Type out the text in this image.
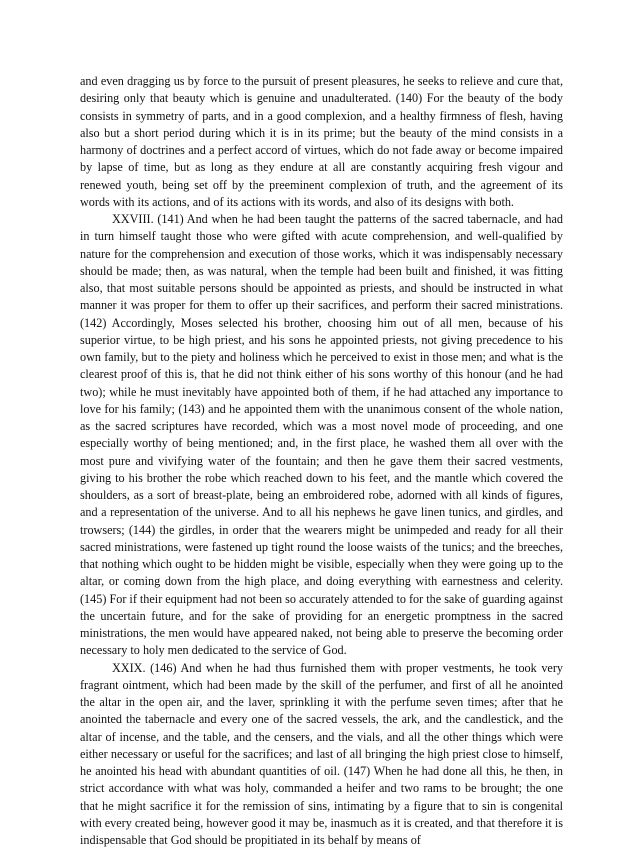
and even dragging us by force to the pursuit of present pleasures, he seeks to relieve and cure that, desiring only that beauty which is genuine and unadulterated. (140) For the beauty of the body consists in symmetry of parts, and in a good complexion, and a healthy firmness of flesh, having also but a short period during which it is in its prime; but the beauty of the mind consists in a harmony of doctrines and a perfect accord of virtues, which do not fade away or become impaired by lapse of time, but as long as they endure at all are constantly acquiring fresh vigour and renewed youth, being set off by the preeminent complexion of truth, and the agreement of its words with its actions, and of its actions with its words, and also of its designs with both.

XXVIII. (141) And when he had been taught the patterns of the sacred tabernacle, and had in turn himself taught those who were gifted with acute comprehension, and well-qualified by nature for the comprehension and execution of those works, which it was indispensably necessary should be made; then, as was natural, when the temple had been built and finished, it was fitting also, that most suitable persons should be appointed as priests, and should be instructed in what manner it was proper for them to offer up their sacrifices, and perform their sacred ministrations. (142) Accordingly, Moses selected his brother, choosing him out of all men, because of his superior virtue, to be high priest, and his sons he appointed priests, not giving precedence to his own family, but to the piety and holiness which he perceived to exist in those men; and what is the clearest proof of this is, that he did not think either of his sons worthy of this honour (and he had two); while he must inevitably have appointed both of them, if he had attached any importance to love for his family; (143) and he appointed them with the unanimous consent of the whole nation, as the sacred scriptures have recorded, which was a most novel mode of proceeding, and one especially worthy of being mentioned; and, in the first place, he washed them all over with the most pure and vivifying water of the fountain; and then he gave them their sacred vestments, giving to his brother the robe which reached down to his feet, and the mantle which covered the shoulders, as a sort of breast-plate, being an embroidered robe, adorned with all kinds of figures, and a representation of the universe. And to all his nephews he gave linen tunics, and girdles, and trowsers; (144) the girdles, in order that the wearers might be unimpeded and ready for all their sacred ministrations, were fastened up tight round the loose waists of the tunics; and the breeches, that nothing which ought to be hidden might be visible, especially when they were going up to the altar, or coming down from the high place, and doing everything with earnestness and celerity. (145) For if their equipment had not been so accurately attended to for the sake of guarding against the uncertain future, and for the sake of providing for an energetic promptness in the sacred ministrations, the men would have appeared naked, not being able to preserve the becoming order necessary to holy men dedicated to the service of God.

XXIX. (146) And when he had thus furnished them with proper vestments, he took very fragrant ointment, which had been made by the skill of the perfumer, and first of all he anointed the altar in the open air, and the laver, sprinkling it with the perfume seven times; after that he anointed the tabernacle and every one of the sacred vessels, the ark, and the candlestick, and the altar of incense, and the table, and the censers, and the vials, and all the other things which were either necessary or useful for the sacrifices; and last of all bringing the high priest close to himself, he anointed his head with abundant quantities of oil. (147) When he had done all this, he then, in strict accordance with what was holy, commanded a heifer and two rams to be brought; the one that he might sacrifice it for the remission of sins, intimating by a figure that to sin is congenital with every created being, however good it may be, inasmuch as it is created, and that therefore it is indispensable that God should be propitiated in its behalf by means of
